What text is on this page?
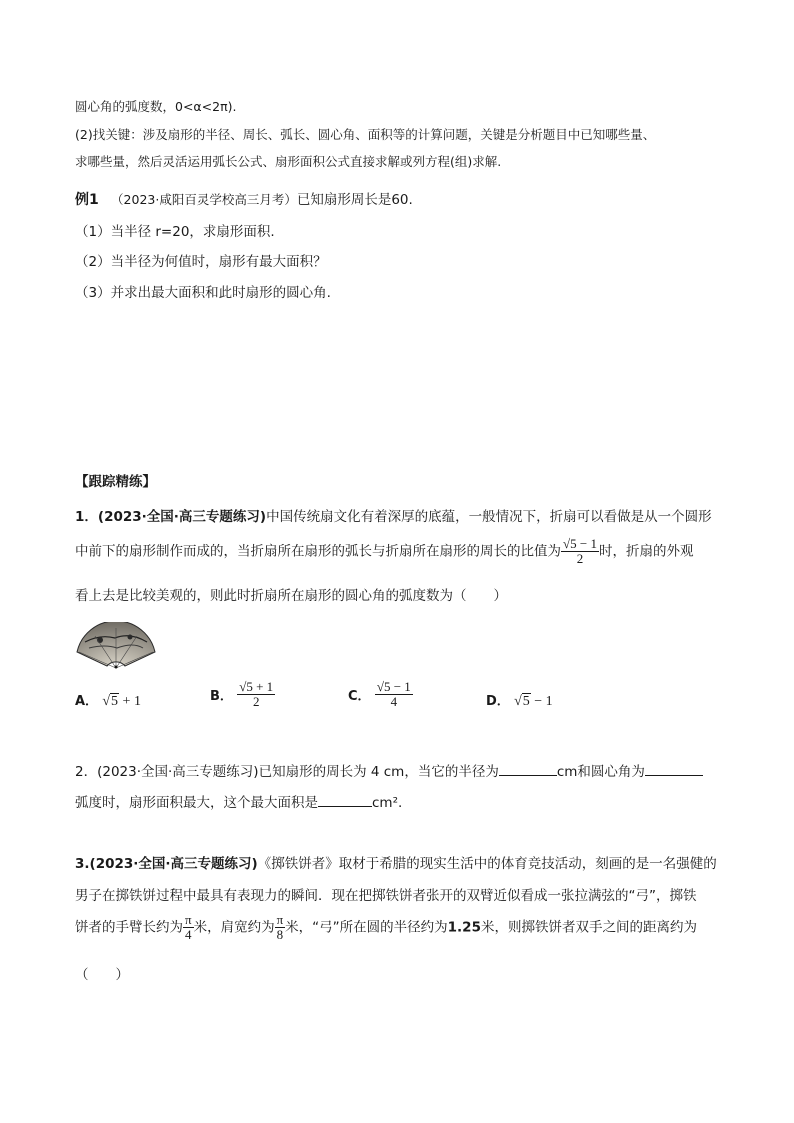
圆心角的弧度数，0<α<2π).
(2)找关键：涉及扇形的半径、周长、弧长、圆心角、面积等的计算问题，关键是分析题目中已知哪些量、
求哪些量，然后灵活运用弧长公式、扇形面积公式直接求解或列方程(组)求解.
例1 （2023·咸阳百灵学校高三月考）已知扇形周长是60.
（1）当半径 r=20，求扇形面积.
（2）当半径为何值时，扇形有最大面积？
（3）并求出最大面积和此时扇形的圆心角.
【跟踪精练】
1．(2023·全国·高三专题练习)中国传统扇文化有着深厚的底蕴，一般情况下，折扇可以看做是从一个圆形
中前下的扇形制作而成的，当折扇所在扇形的弧长与折扇所在扇形的周长的比值为 $\frac{√5 - 1}{2}$ 时，折扇的外观
看上去是比较美观的，则此时折扇所在扇形的圆心角的弧度数为（　　）
A． √5 + 1	B． $\frac{√5 + 1}{2}$	C． $\frac{√5 - 1}{4}$	D． √5 − 1
2．(2023·全国·高三专题练习)已知扇形的周长为 4 cm，当它的半径为	cm和圆心角为
弧度时，扇形面积最大，这个最大面积是	cm².
3.(2023·全国·高三专题练习)《掷铁饼者》取材于希腊的现实生活中的体育竞技活动，刻画的是一名强健的
男子在掷铁饼过程中最具有表现力的瞬间．现在把掷铁饼者张开的双臂近似看成一张拉满弦的“弓”，掷铁
饼者的手臂长约为 $\frac{\pi}{4}$ 米，肩宽约为 $\frac{\pi}{8}$ 米，“弓”所在圆的半径约为1.25米，则掷铁饼者双手之间的距离约为
（　　）
